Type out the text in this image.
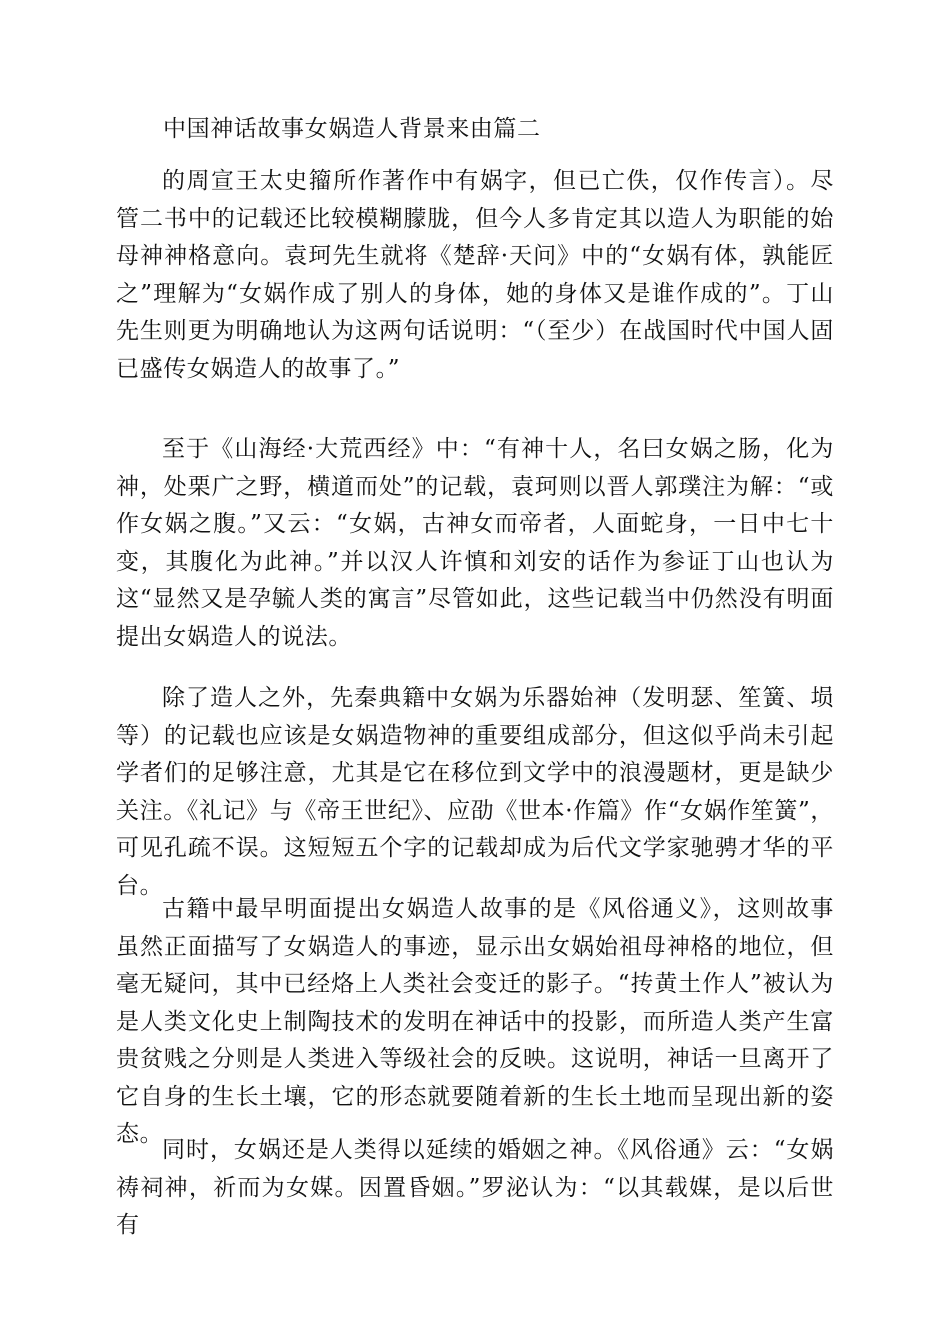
中国神话故事女娲造人背景来由篇二

的周宣王太史籀所作著作中有娲字，但已亡佚，仅作传言）。尽管二书中的记载还比较模糊朦胧，但今人多肯定其以造人为职能的始母神神格意向。袁珂先生就将《楚辞·天问》中的“女娲有体，孰能匠之”理解为“女娲作成了别人的身体，她的身体又是谁作成的”。丁山先生则更为明确地认为这两句话说明：“（至少）在战国时代中国人固已盛传女娲造人的故事了。”

至于《山海经·大荒西经》中：“有神十人，名曰女娲之肠，化为神，处栗广之野，横道而处”的记载，袁珂则以晋人郭璞注为解：“或作女娲之腹。”又云：“女娲，古神女而帝者，人面蛇身，一日中七十变，其腹化为此神。”并以汉人许慎和刘安的话作为参证丁山也认为这“显然又是孕毓人类的寓言”尽管如此，这些记载当中仍然没有明面提出女娲造人的说法。

除了造人之外，先秦典籍中女娲为乐器始神（发明瑟、笙簧、埙等）的记载也应该是女娲造物神的重要组成部分，但这似乎尚未引起学者们的足够注意，尤其是它在移位到文学中的浪漫题材，更是缺少关注。《礼记》与《帝王世纪》、应劭《世本·作篇》作“女娲作笙簧”，可见孔疏不误。这短短五个字的记载却成为后代文学家驰骋才华的平台。

古籍中最早明面提出女娲造人故事的是《风俗通义》，这则故事虽然正面描写了女娲造人的事迹，显示出女娲始祖母神格的地位，但毫无疑问，其中已经烙上人类社会变迁的影子。“抟黄土作人”被认为是人类文化史上制陶技术的发明在神话中的投影，而所造人类产生富贵贫贱之分则是人类进入等级社会的反映。这说明，神话一旦离开了它自身的生长土壤，它的形态就要随着新的生长土地而呈现出新的姿态。

同时，女娲还是人类得以延续的婚姻之神。《风俗通》云：“女娲祷祠神，祈而为女媒。因置昏姻。”罗泌认为：“以其载媒，是以后世有
